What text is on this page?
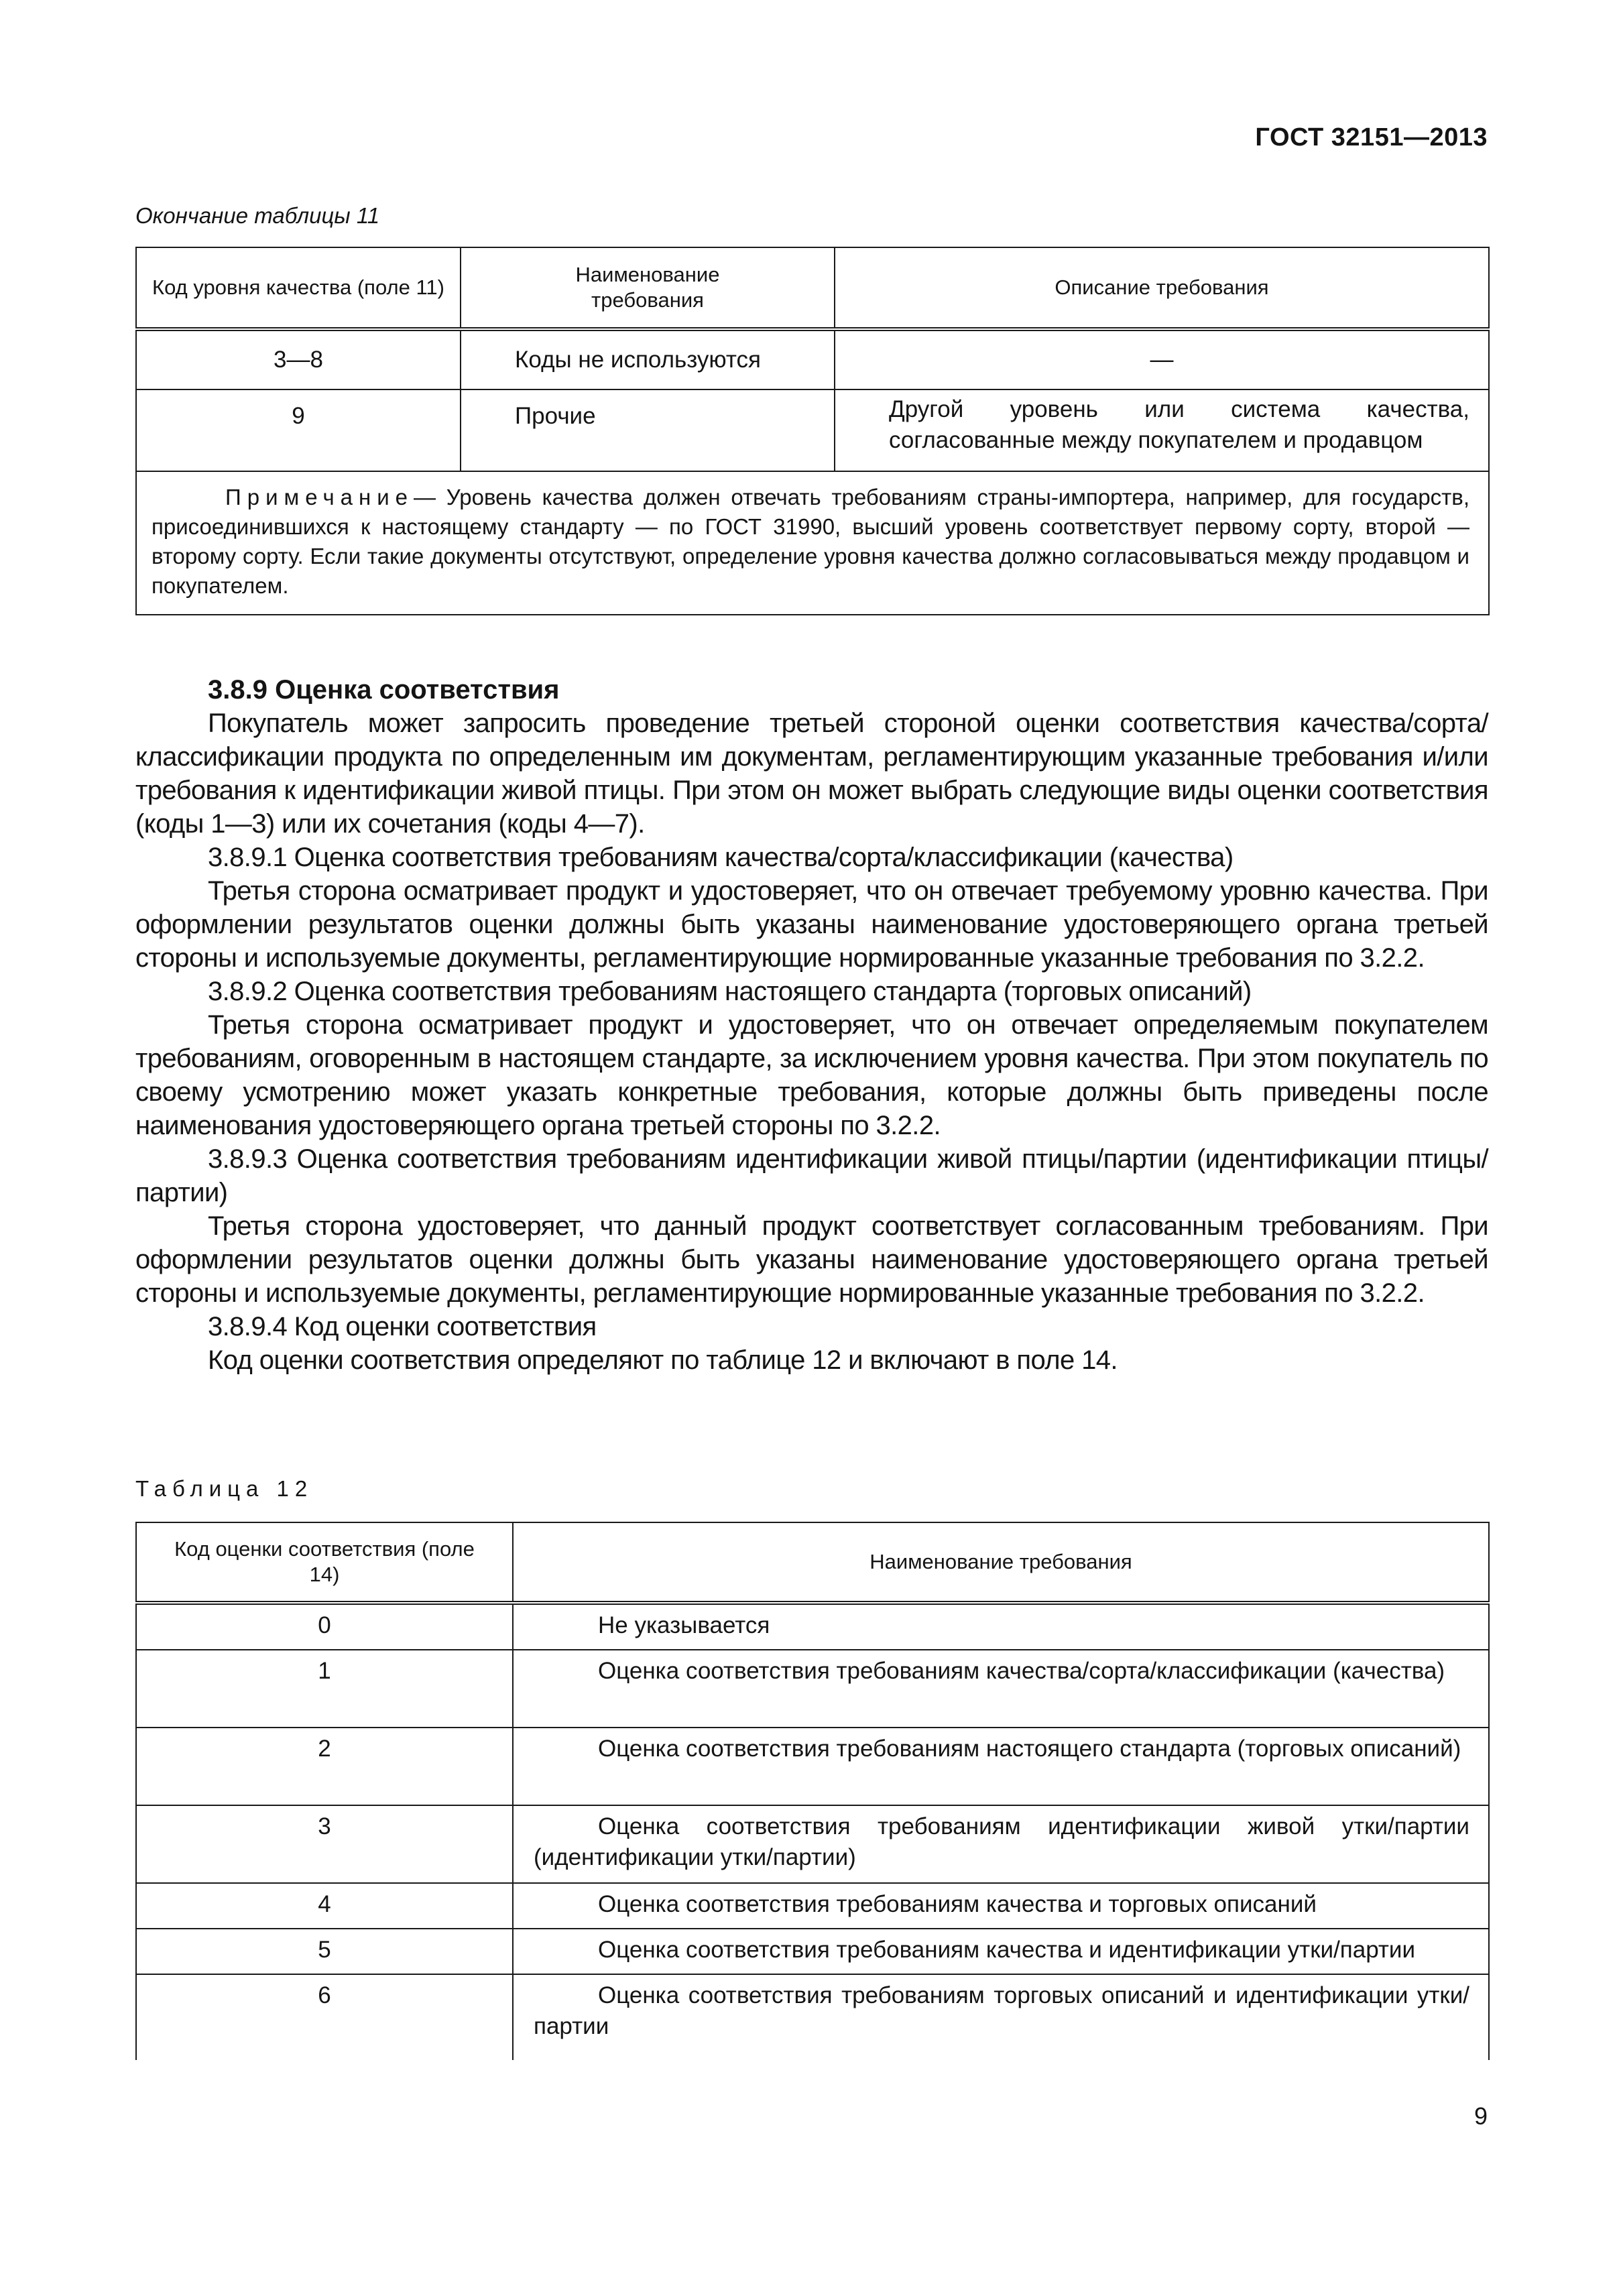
ГОСТ 32151—2013
Окончание таблицы 11
Код уровня качества (поле 11)	Наименование требования	Описание требования
3—8	Коды не используются	—
9	Прочие	Другой уровень или система качества, согласованные между покупателем и продавцом
Примечание— Уровень качества должен отвечать требованиям страны-импортера, например, для государств, присоединившихся к настоящему стандарту — по ГОСТ 31990, высший уровень соответствует первому сорту, второй — второму сорту. Если такие документы отсутствуют, определение уровня качества должно согласовываться между продавцом и покупателем.		

3.8.9 Оценка соответствия

Покупатель может запросить проведение третьей стороной оценки соответствия качества/сорта/классификации продукта по определенным им документам, регламентирующим указанные требования и/или требования к идентификации живой птицы. При этом он может выбрать следующие виды оценки соответствия (коды 1—3) или их сочетания (коды 4—7).

3.8.9.1 Оценка соответствия требованиям качества/сорта/классификации (качества)

Третья сторона осматривает продукт и удостоверяет, что он отвечает требуемому уровню качества. При оформлении результатов оценки должны быть указаны наименование удостоверяющего органа третьей стороны и используемые документы, регламентирующие нормированные указанные требования по 3.2.2.

3.8.9.2 Оценка соответствия требованиям настоящего стандарта (торговых описаний)

Третья сторона осматривает продукт и удостоверяет, что он отвечает определяемым покупателем требованиям, оговоренным в настоящем стандарте, за исключением уровня качества. При этом покупатель по своему усмотрению может указать конкретные требования, которые должны быть приведены после наименования удостоверяющего органа третьей стороны по 3.2.2.

3.8.9.3 Оценка соответствия требованиям идентификации живой птицы/партии (идентификации птицы/партии)

Третья сторона удостоверяет, что данный продукт соответствует согласованным требованиям. При оформлении результатов оценки должны быть указаны наименование удостоверяющего органа третьей стороны и используемые документы, регламентирующие нормированные указанные требования по 3.2.2.

3.8.9.4 Код оценки соответствия

Код оценки соответствия определяют по таблице 12 и включают в поле 14.

Таблица 12
Код оценки соответствия (поле 14)	Наименование требования
0	Не указывается
1	Оценка соответствия требованиям качества/сорта/классификации (качества)
2	Оценка соответствия требованиям настоящего стандарта (торговых описаний)
3	Оценка соответствия требованиям идентификации живой утки/партии (идентификации утки/партии)
4	Оценка соответствия требованиям качества и торговых описаний
5	Оценка соответствия требованиям качества и идентификации утки/партии
6	Оценка соответствия требованиям торговых описаний и идентификации утки/партии
9
